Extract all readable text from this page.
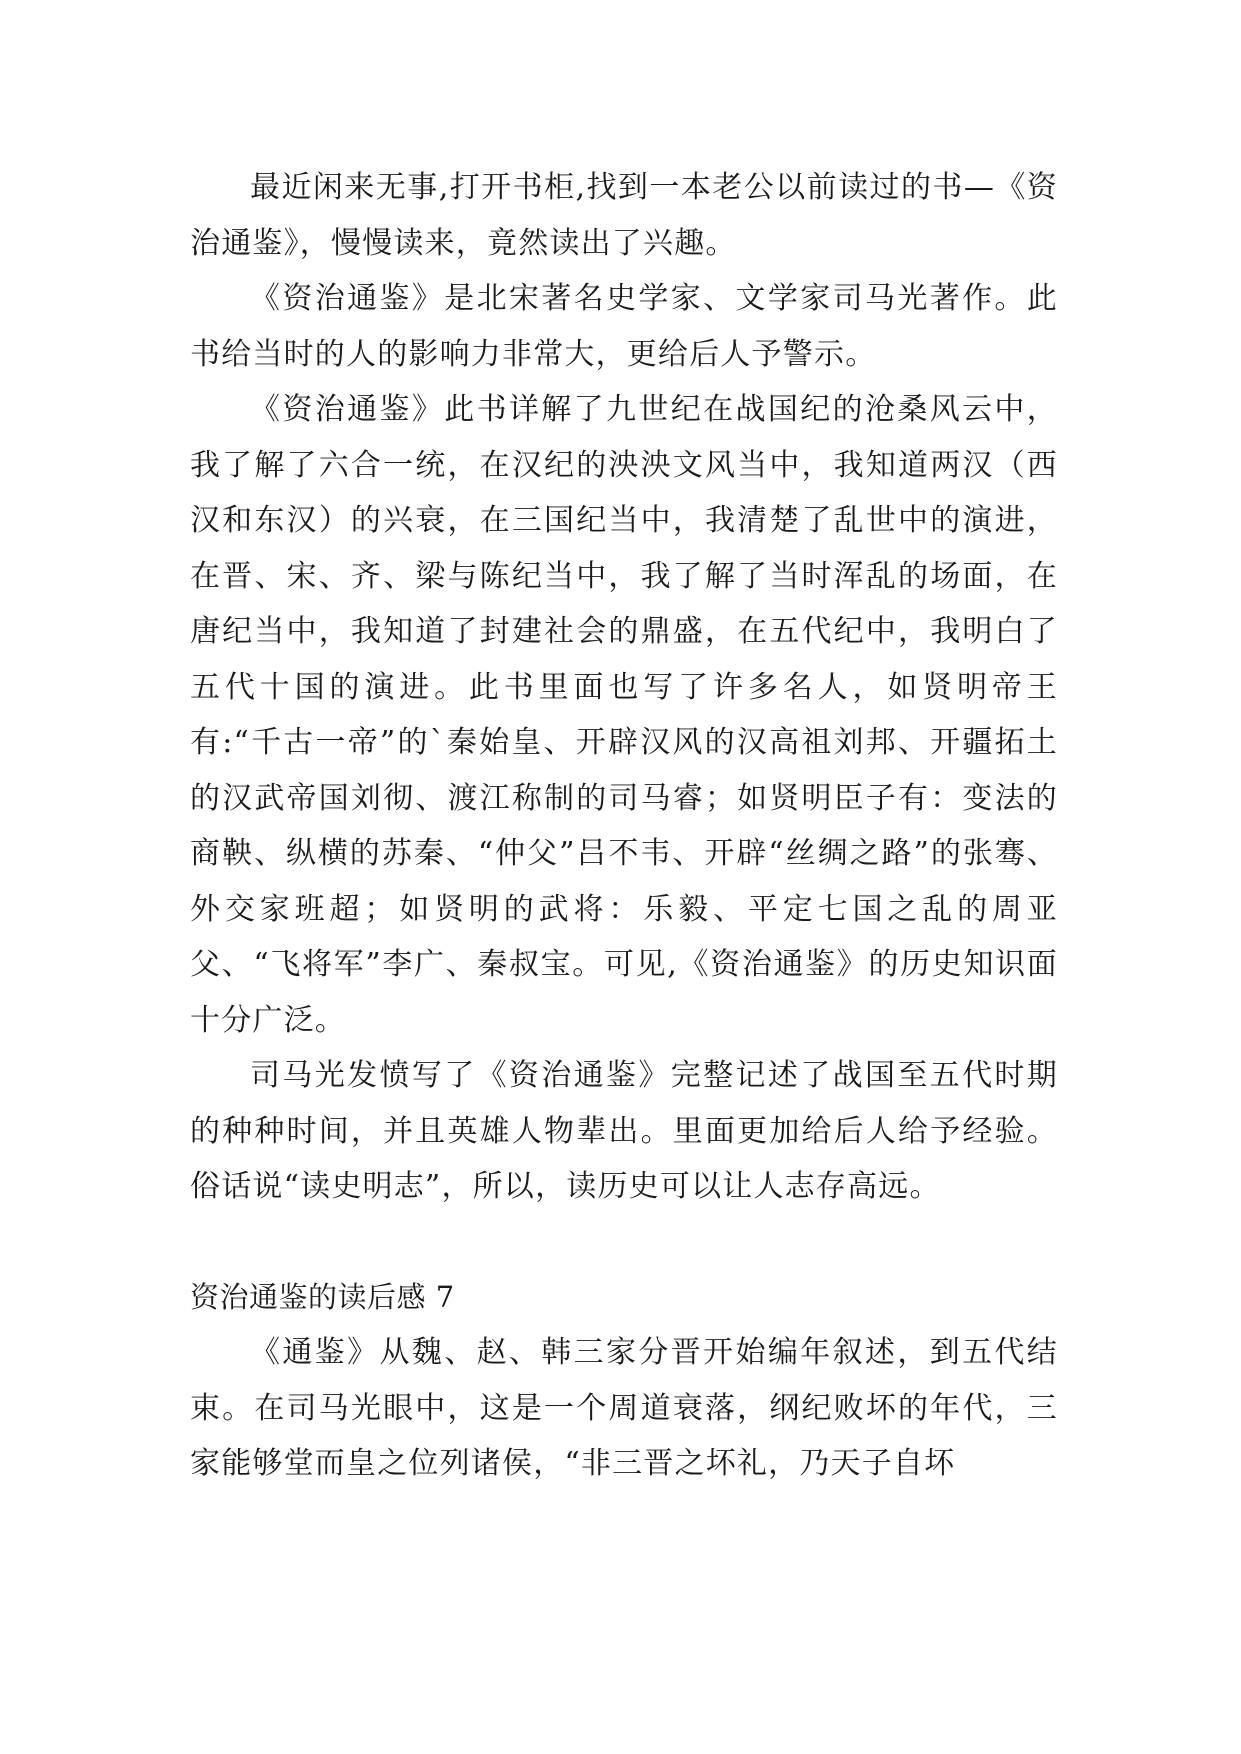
最近闲来无事,打开书柜,找到一本老公以前读过的书—《资治通鉴》，慢慢读来，竟然读出了兴趣。

《资治通鉴》是北宋著名史学家、文学家司马光著作。此书给当时的人的影响力非常大，更给后人予警示。

《资治通鉴》此书详解了九世纪在战国纪的沧桑风云中，我了解了六合一统，在汉纪的泱泱文风当中，我知道两汉（西汉和东汉）的兴衰，在三国纪当中，我清楚了乱世中的演进，在晋、宋、齐、梁与陈纪当中，我了解了当时浑乱的场面，在唐纪当中，我知道了封建社会的鼎盛，在五代纪中，我明白了五代十国的演进。此书里面也写了许多名人，如贤明帝王有:“千古一帝”的`秦始皇、开辟汉风的汉高祖刘邦、开疆拓土的汉武帝国刘彻、渡江称制的司马睿；如贤明臣子有：变法的商鞅、纵横的苏秦、“仲父”吕不韦、开辟“丝绸之路”的张骞、外交家班超；如贤明的武将：乐毅、平定七国之乱的周亚父、“飞将军”李广、秦叔宝。可见,《资治通鉴》的历史知识面十分广泛。

司马光发愤写了《资治通鉴》完整记述了战国至五代时期的种种时间，并且英雄人物辈出。里面更加给后人给予经验。俗话说“读史明志”，所以，读历史可以让人志存高远。

资治通鉴的读后感 7

《通鉴》从魏、赵、韩三家分晋开始编年叙述，到五代结束。在司马光眼中，这是一个周道衰落，纲纪败坏的年代，三家能够堂而皇之位列诸侯，“非三晋之坏礼，乃天子自坏
